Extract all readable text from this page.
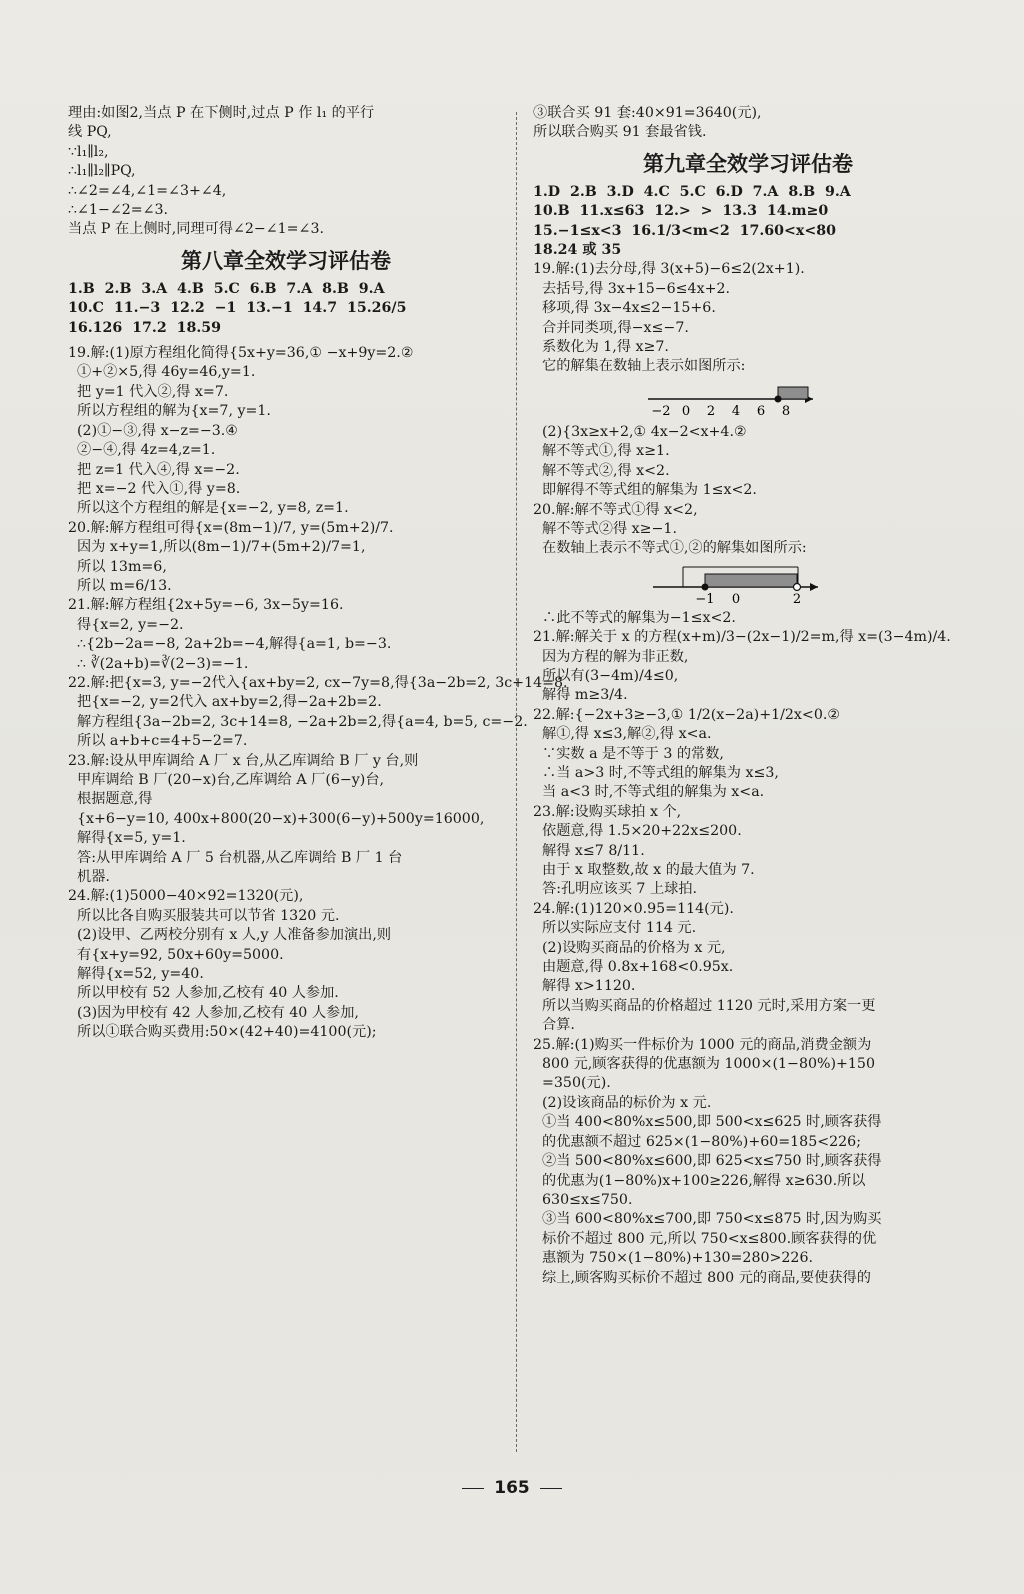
理由:如图2,当点 P 在下侧时,过点 P 作 l₁ 的平行
线 PQ,
∵l₁∥l₂,
∴l₁∥l₂∥PQ,
∴∠2=∠4,∠1=∠3+∠4,
∴∠1−∠2=∠3.
当点 P 在上侧时,同理可得∠2−∠1=∠3.
第八章全效学习评估卷
1.B  2.B  3.A  4.B  5.C  6.B  7.A  8.B  9.A
10.C  11.−3  12.2  −1  13.−1  14.7  15.26/5
16.126  17.2  18.59
19.解:(1)原方程组化简得{5x+y=36,① −x+9y=2.②
①+②×5,得 46y=46,y=1.
把 y=1 代入②,得 x=7.
所以方程组的解为{x=7, y=1.
(2)①−③,得 x−z=−3.④
②−④,得 4z=4,z=1.
把 z=1 代入④,得 x=−2.
把 x=−2 代入①,得 y=8.
所以这个方程组的解是{x=−2, y=8, z=1.
20.解:解方程组可得{x=(8m−1)/7, y=(5m+2)/7.
因为 x+y=1,所以(8m−1)/7+(5m+2)/7=1,
所以 13m=6,
所以 m=6/13.
21.解:解方程组{2x+5y=−6, 3x−5y=16.
得{x=2, y=−2.
∴{2b−2a=−8, 2a+2b=−4,解得{a=1, b=−3.
∴ ∛(2a+b)=∛(2−3)=−1.
22.解:把{x=3, y=−2代入{ax+by=2, cx−7y=8,得{3a−2b=2, 3c+14=8.
把{x=−2, y=2代入 ax+by=2,得−2a+2b=2.
解方程组{3a−2b=2, 3c+14=8, −2a+2b=2,得{a=4, b=5, c=−2.
所以 a+b+c=4+5−2=7.
23.解:设从甲库调给 A 厂 x 台,从乙库调给 B 厂 y 台,则
甲库调给 B 厂(20−x)台,乙库调给 A 厂(6−y)台,
根据题意,得
{x+6−y=10, 400x+800(20−x)+300(6−y)+500y=16000,
解得{x=5, y=1.
答:从甲库调给 A 厂 5 台机器,从乙库调给 B 厂 1 台
机器.
24.解:(1)5000−40×92=1320(元),
所以比各自购买服装共可以节省 1320 元.
(2)设甲、乙两校分别有 x 人,y 人准备参加演出,则
有{x+y=92, 50x+60y=5000.
解得{x=52, y=40.
所以甲校有 52 人参加,乙校有 40 人参加.
(3)因为甲校有 42 人参加,乙校有 40 人参加,
所以①联合购买费用:50×(42+40)=4100(元);
③联合买 91 套:40×91=3640(元),
所以联合购买 91 套最省钱.
第九章全效学习评估卷
1.D  2.B  3.D  4.C  5.C  6.D  7.A  8.B  9.A
10.B  11.x≤63  12.>  >  13.3  14.m≥0
15.−1≤x<3  16.1/3<m<2  17.60<x<80
18.24 或 35
19.解:(1)去分母,得 3(x+5)−6≤2(2x+1).
去括号,得 3x+15−6≤4x+2.
移项,得 3x−4x≤2−15+6.
合并同类项,得−x≤−7.
系数化为 1,得 x≥7.
它的解集在数轴上表示如图所示:
−2 0 2 4 6 8
(2){3x≥x+2,① 4x−2<x+4.②
解不等式①,得 x≥1.
解不等式②,得 x<2.
即解得不等式组的解集为 1≤x<2.
20.解:解不等式①得 x<2,
解不等式②得 x≥−1.
在数轴上表示不等式①,②的解集如图所示:
−1 0	2
∴此不等式的解集为−1≤x<2.
21.解:解关于 x 的方程(x+m)/3−(2x−1)/2=m,得 x=(3−4m)/4.
因为方程的解为非正数,
所以有(3−4m)/4≤0,
解得 m≥3/4.
22.解:{−2x+3≥−3,① 1/2(x−2a)+1/2x<0.②
解①,得 x≤3,解②,得 x<a.
∵实数 a 是不等于 3 的常数,
∴当 a>3 时,不等式组的解集为 x≤3,
当 a<3 时,不等式组的解集为 x<a.
23.解:设购买球拍 x 个,
依题意,得 1.5×20+22x≤200.
解得 x≤7 8/11.
由于 x 取整数,故 x 的最大值为 7.
答:孔明应该买 7 上球拍.
24.解:(1)120×0.95=114(元).
所以实际应支付 114 元.
(2)设购买商品的价格为 x 元,
由题意,得 0.8x+168<0.95x.
解得 x>1120.
所以当购买商品的价格超过 1120 元时,采用方案一更
合算.
25.解:(1)购买一件标价为 1000 元的商品,消费金额为
800 元,顾客获得的优惠额为 1000×(1−80%)+150
=350(元).
(2)设该商品的标价为 x 元.
①当 400<80%x≤500,即 500<x≤625 时,顾客获得
的优惠额不超过 625×(1−80%)+60=185<226;
②当 500<80%x≤600,即 625<x≤750 时,顾客获得
的优惠为(1−80%)x+100≥226,解得 x≥630.所以
630≤x≤750.
③当 600<80%x≤700,即 750<x≤875 时,因为购买
标价不超过 800 元,所以 750<x≤800.顾客获得的优
惠额为 750×(1−80%)+130=280>226.
综上,顾客购买标价不超过 800 元的商品,要使获得的
165
